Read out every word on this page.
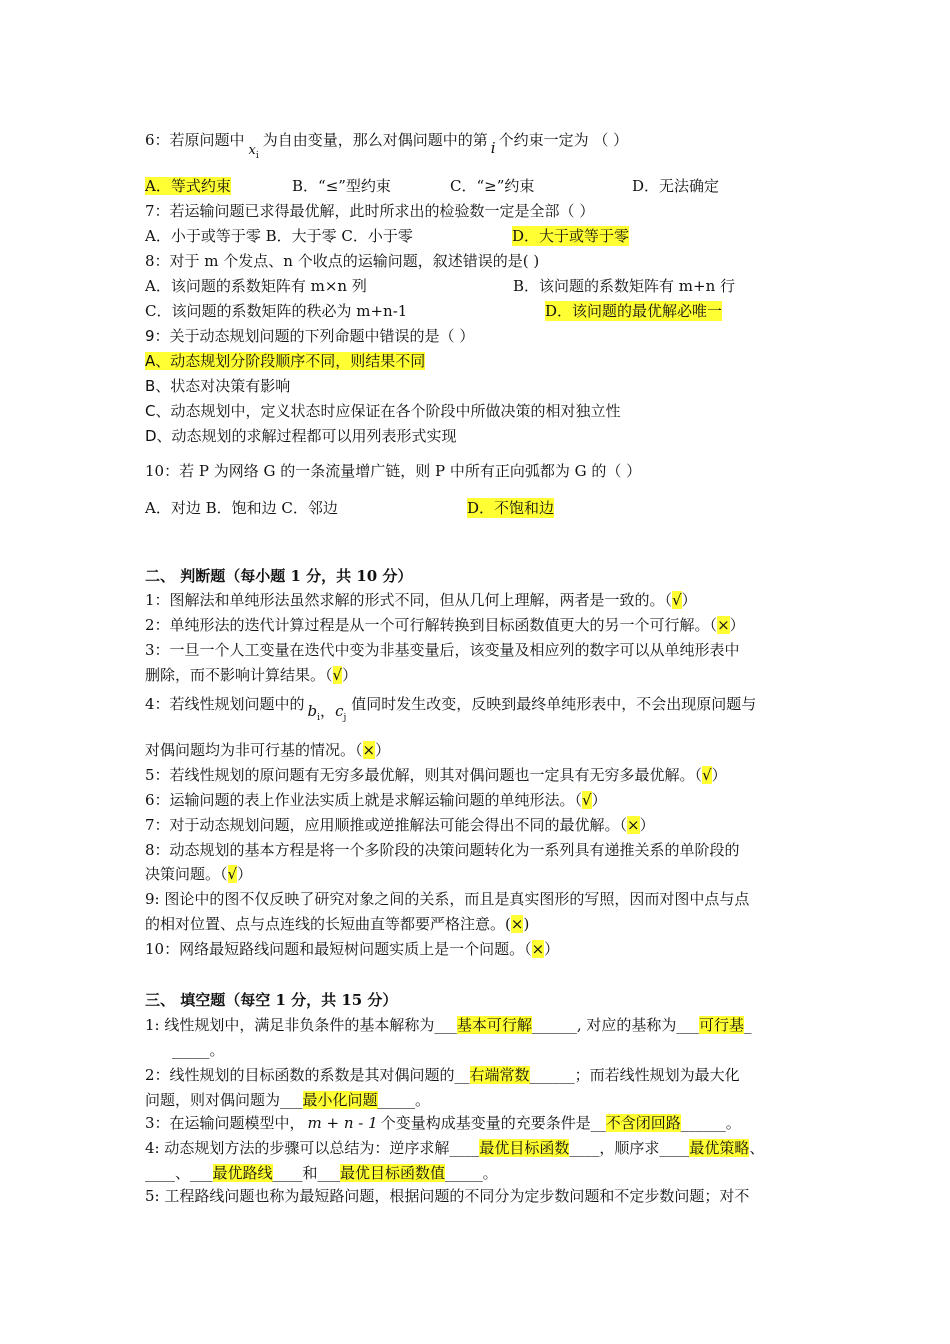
6：若原问题中$x_i$为自由变量，那么对偶问题中的第 i 个约束一定为 （ ）
A．等式约束	B．“≤”型约束	C．“≥”约束	D．无法确定
7：若运输问题已求得最优解，此时所求出的检验数一定是全部（ ）
A．小于或等于零 B．大于零 C．小于零	D．大于或等于零
8：对于 m 个发点、n 个收点的运输问题，叙述错误的是( )
A．该问题的系数矩阵有 m×n 列	B．该问题的系数矩阵有 m+n 行
C．该问题的系数矩阵的秩必为 m+n-1	D．该问题的最优解必唯一
9：关于动态规划问题的下列命题中错误的是（ ）
A、动态规划分阶段顺序不同，则结果不同
B、状态对决策有影响
C、动态规划中，定义状态时应保证在各个阶段中所做决策的相对独立性
D、动态规划的求解过程都可以用列表形式实现
10：若 P 为网络 G 的一条流量增广链，则 P 中所有正向弧都为 G 的（ ）
A．对边 B．饱和边 C．邻边	D．不饱和边
二、 判断题（每小题 1 分，共 10 分）
1：图解法和单纯形法虽然求解的形式不同，但从几何上理解，两者是一致的。（√）
2：单纯形法的迭代计算过程是从一个可行解转换到目标函数值更大的另一个可行解。（×）
3：一旦一个人工变量在迭代中变为非基变量后，该变量及相应列的数字可以从单纯形表中
删除，而不影响计算结果。（√）
4：若线性规划问题中的 $b_i$，$c_j$值同时发生改变，反映到最终单纯形表中，不会出现原问题与
对偶问题均为非可行基的情况。（×）
5：若线性规划的原问题有无穷多最优解，则其对偶问题也一定具有无穷多最优解。（√）
6：运输问题的表上作业法实质上就是求解运输问题的单纯形法。（√）
7：对于动态规划问题，应用顺推或逆推解法可能会得出不同的最优解。（×）
8：动态规划的基本方程是将一个多阶段的决策问题转化为一系列具有递推关系的单阶段的
决策问题。（√）
9: 图论中的图不仅反映了研究对象之间的关系，而且是真实图形的写照，因而对图中点与点
的相对位置、点与点连线的长短曲直等都要严格注意。(×)
10：网络最短路线问题和最短树问题实质上是一个问题。（×）
三、 填空题（每空 1 分，共 15 分）
1: 线性规划中，满足非负条件的基本解称为___基本可行解______, 对应的基称为___可行基_
_____。
2：线性规划的目标函数的系数是其对偶问题的__右端常数______；而若线性规划为最大化
问题，则对偶问题为___最小化问题_____。
3：在运输问题模型中， m + n - 1 个变量构成基变量的充要条件是__不含闭回路______。
4: 动态规划方法的步骤可以总结为：逆序求解____最优目标函数____，顺序求____最优策略、
____、___最优路线____和___最优目标函数值_____。
5: 工程路线问题也称为最短路问题，根据问题的不同分为定步数问题和不定步数问题；对不
